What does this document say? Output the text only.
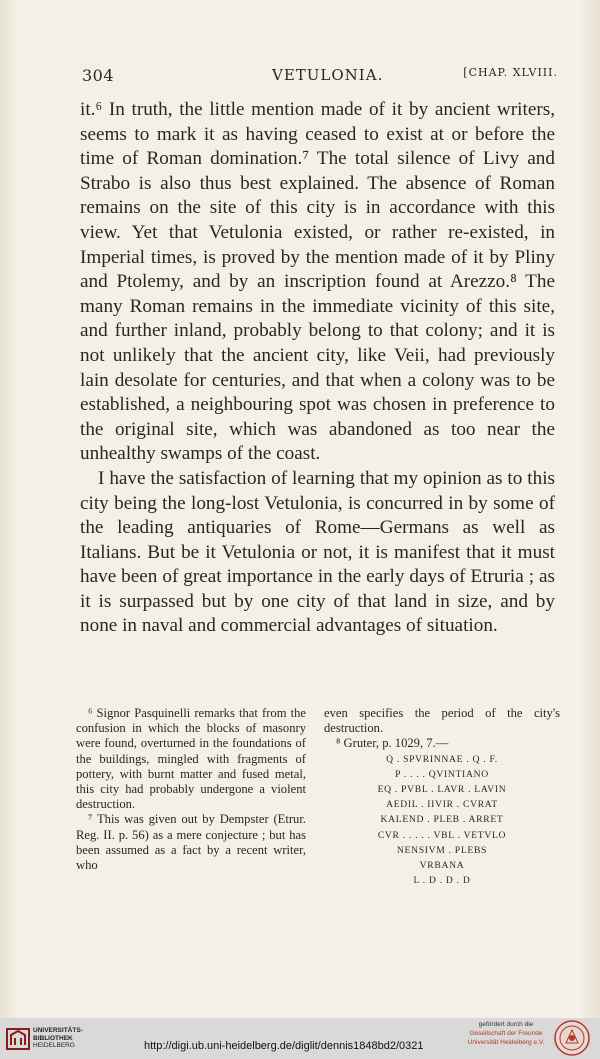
304	VETULONIA.	[CHAP. XLVIII.

it.⁶ In truth, the little mention made of it by ancient writers, seems to mark it as having ceased to exist at or before the time of Roman domination.⁷ The total silence of Livy and Strabo is also thus best explained. The absence of Roman remains on the site of this city is in accordance with this view. Yet that Vetulonia existed, or rather re-existed, in Imperial times, is proved by the mention made of it by Pliny and Ptolemy, and by an inscription found at Arezzo.⁸ The many Roman remains in the immediate vicinity of this site, and further inland, probably belong to that colony; and it is not unlikely that the ancient city, like Veii, had previously lain desolate for centuries, and that when a colony was to be established, a neighbouring spot was chosen in preference to the original site, which was abandoned as too near the unhealthy swamps of the coast.

I have the satisfaction of learning that my opinion as to this city being the long-lost Vetulonia, is concurred in by some of the leading antiquaries of Rome—Germans as well as Italians. But be it Vetulonia or not, it is manifest that it must have been of great importance in the early days of Etruria ; as it is surpassed but by one city of that land in size, and by none in naval and commercial advantages of situation.

⁶ Signor Pasquinelli remarks that from the confusion in which the blocks of masonry were found, overturned in the foundations of the buildings, mingled with fragments of pottery, with burnt matter and fused metal, this city had probably undergone a violent destruction.

⁷ This was given out by Dempster (Etrur. Reg. II. p. 56) as a mere conjecture ; but has been assumed as a fact by a recent writer, who

even specifies the period of the city's destruction.

⁸ Gruter, p. 1029, 7.—

Q . SPVRINNAE . Q . F.

P . . . . QVINTIANO

EQ . PVBL . LAVR . LAVIN

AEDIL . IIVIR . CVRAT

KALEND . PLEB . ARRET

CVR . . . . . VBL . VETVLO

NENSIVM . PLEBS

VRBANA

L . D . D . D

UNIVERSITÄTS-
BIBLIOTHEK
HEIDELBERG	http://digi.ub.uni-heidelberg.de/diglit/dennis1848bd2/0321
gefördert durch die
Gesellschaft der Freunde
Universität Heidelberg e.V.
